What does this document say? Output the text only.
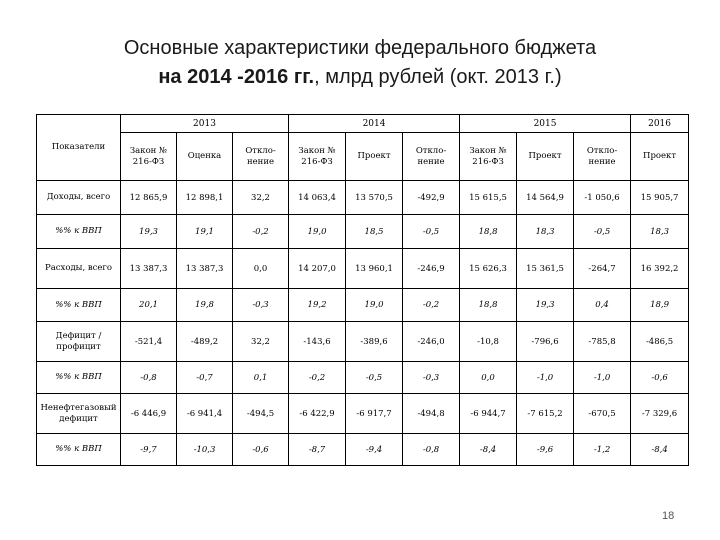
Основные характеристики федерального бюджета
на 2014 -2016 гг., млрд рублей (окт. 2013 г.)
Показатели	2013			2014			2015			2016
	Закон № 216-ФЗ	Оценка	Откло-нение	Закон № 216-ФЗ	Проект	Откло-нение	Закон № 216-ФЗ	Проект	Откло-нение	Проект
Доходы, всего	12 865,9	12 898,1	32,2	14 063,4	13 570,5	-492,9	15 615,5	14 564,9	-1 050,6	15 905,7
%% к ВВП	19,3	19,1	-0,2	19,0	18,5	-0,5	18,8	18,3	-0,5	18,3
Расходы, всего	13 387,3	13 387,3	0,0	14 207,0	13 960,1	-246,9	15 626,3	15 361,5	-264,7	16 392,2
%% к ВВП	20,1	19,8	-0,3	19,2	19,0	-0,2	18,8	19,3	0,4	18,9
Дефицит / профицит	-521,4	-489,2	32,2	-143,6	-389,6	-246,0	-10,8	-796,6	-785,8	-486,5
%% к ВВП	-0,8	-0,7	0,1	-0,2	-0,5	-0,3	0,0	-1,0	-1,0	-0,6
Ненефтегазовый дефицит	-6 446,9	-6 941,4	-494,5	-6 422,9	-6 917,7	-494,8	-6 944,7	-7 615,2	-670,5	-7 329,6
%% к ВВП	-9,7	-10,3	-0,6	-8,7	-9,4	-0,8	-8,4	-9,6	-1,2	-8,4
18
